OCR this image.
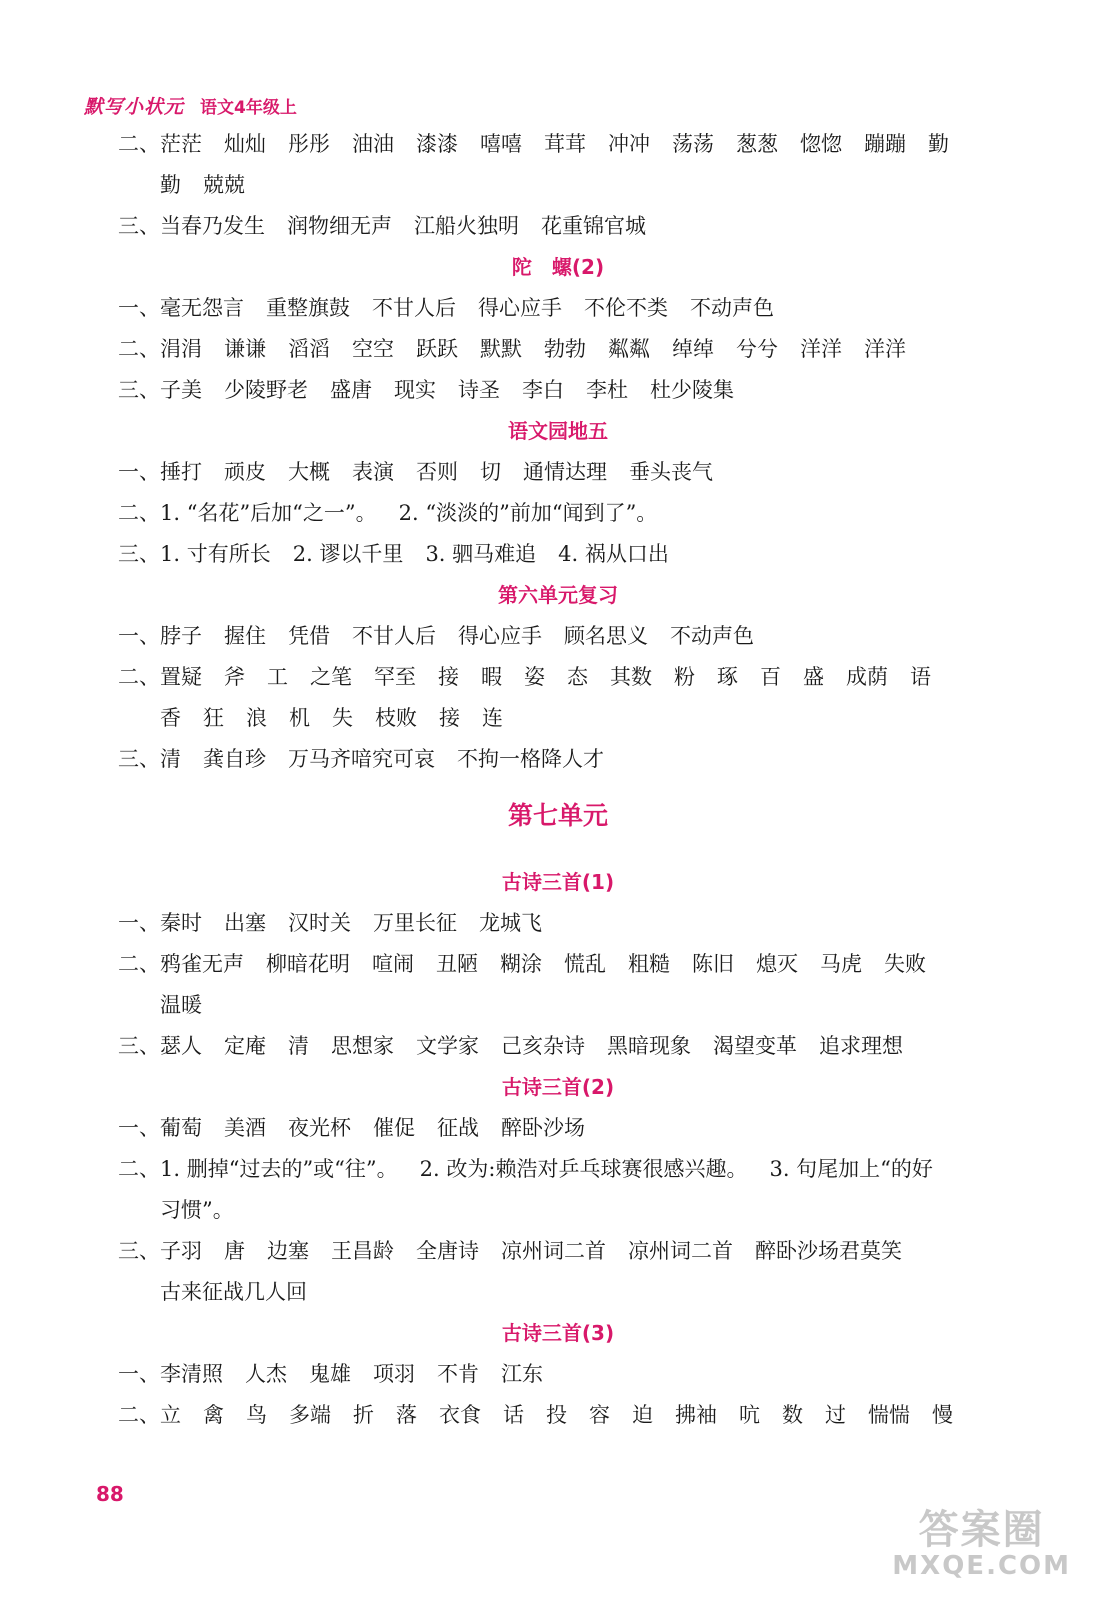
默写小状元 语文4年级上
二、茫茫 灿灿 彤彤 油油 漆漆 嘻嘻 茸茸 冲冲 荡荡 葱葱 惚惚 蹦蹦 勤
勤 兢兢
三、当春乃发生 润物细无声 江船火独明 花重锦官城
陀　螺(2)
一、毫无怨言 重整旗鼓 不甘人后 得心应手 不伦不类 不动声色
二、涓涓 谦谦 滔滔 空空 跃跃 默默 勃勃 粼粼 绰绰 兮兮 洋洋 洋洋
三、子美 少陵野老 盛唐 现实 诗圣 李白 李杜 杜少陵集
语文园地五
一、捶打 顽皮 大概 表演 否则 切 通情达理 垂头丧气
二、1. “名花”后加“之一”。 2. “淡淡的”前加“闻到了”。
三、1. 寸有所长 2. 谬以千里 3. 驷马难追 4. 祸从口出
第六单元复习
一、脖子 握住 凭借 不甘人后 得心应手 顾名思义 不动声色
二、置疑 斧 工 之笔 罕至 接 暇 姿 态 其数 粉 琢 百 盛 成荫 语
香 狂 浪 机 失 枝败 接 连
三、清 龚自珍 万马齐喑究可哀 不拘一格降人才
第七单元
古诗三首(1)
一、秦时 出塞 汉时关 万里长征 龙城飞
二、鸦雀无声 柳暗花明 喧闹 丑陋 糊涂 慌乱 粗糙 陈旧 熄灭 马虎 失败
温暖
三、瑟人 定庵 清 思想家 文学家 己亥杂诗 黑暗现象 渴望变革 追求理想
古诗三首(2)
一、葡萄 美酒 夜光杯 催促 征战 醉卧沙场
二、1. 删掉“过去的”或“往”。 2. 改为:赖浩对乒乓球赛很感兴趣。 3. 句尾加上“的好
习惯”。
三、子羽 唐 边塞 王昌龄 全唐诗 凉州词二首 凉州词二首 醉卧沙场君莫笑
古来征战几人回
古诗三首(3)
一、李清照 人杰 鬼雄 项羽 不肯 江东
二、立 禽 鸟 多端 折 落 衣食 话 投 容 迫 拂袖 吭 数 过 惴惴 慢
88
答案圈
MXQE.COM
